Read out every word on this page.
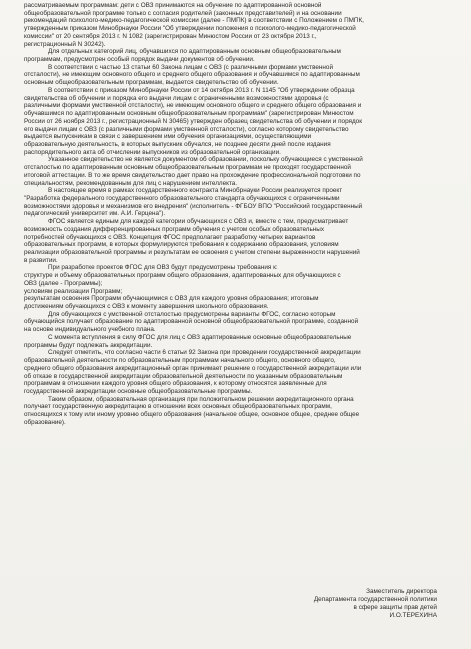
рассматриваемым программам: дети с ОВЗ принимаются на обучение по адаптированной основной
общеобразовательной программе только с согласия родителей (законных представителей) и на основании
рекомендаций психолого-медико-педагогической комиссии (далее - ПМПК) в соответствии с Положением о ПМПК,
утвержденным приказом Минобрнауки России "Об утверждении положения о психолого-медико-педагогической
комиссии" от 20 сентября 2013 г. N 1082 (зарегистрирован Минюстом России от 23 октября 2013 г.,
регистрационный N 30242).
Для отдельных категорий лиц, обучавшихся по адаптированным основным общеобразовательным
программам, предусмотрен особый порядок выдачи документов об обучении.
В соответствии с частью 13 статьи 60 Закона лицам с ОВЗ (с различными формами умственной
отсталости), не имеющим основного общего и среднего общего образования и обучавшимся по адаптированным
основным общеобразовательным программам, выдается свидетельство об обучении.
В соответствии с приказом Минобрнауки России от 14 октября 2013 г. N 1145 "Об утверждении образца
свидетельства об обучении и порядка его выдачи лицам с ограниченными возможностями здоровья (с
различными формами умственной отсталости), не имеющим основного общего и среднего общего образования и
обучавшимся по адаптированным основным общеобразовательным программам" (зарегистрирован Минюстом
России от 26 ноября 2013 г., регистрационный N 30465) утвержден образец свидетельства об обучении и порядок
его выдачи лицам с ОВЗ (с различными формами умственной отсталости), согласно которому свидетельство
выдается выпускникам в связи с завершением ими обучения организациями, осуществляющими
образовательную деятельность, в которых выпускник обучался, не позднее десяти дней после издания
распорядительного акта об отчислении выпускников из образовательной организации.
Указанное свидетельство не является документом об образовании, поскольку обучающиеся с умственной
отсталостью по адаптированным основным общеобразовательным программам не проходят государственной
итоговой аттестации. В то же время свидетельство дает право на прохождение профессиональной подготовки по
специальностям, рекомендованным для лиц с нарушением интеллекта.
В настоящее время в рамках государственного контракта Минобрнауки России реализуется проект
"Разработка федерального государственного образовательного стандарта обучающихся с ограниченными
возможностями здоровья и механизмов его внедрения" (исполнитель - ФГБОУ ВПО "Российский государственный
педагогический университет им. А.И. Герцена").
ФГОС является единым для каждой категории обучающихся с ОВЗ и, вместе с тем, предусматривает
возможность создания дифференцированных программ обучения с учетом особых образовательных
потребностей обучающихся с ОВЗ. Концепция ФГОС предполагает разработку четырех вариантов
образовательных программ, в которых формулируются требования к содержанию образования, условиям
реализации образовательной программы и результатам ее освоения с учетом степени выраженности нарушений
в развитии.
При разработке проектов ФГОС для ОВЗ будут предусмотрены требования к:
структуре и объему образовательных программ общего образования, адаптированных для обучающихся с
ОВЗ (далее - Программы);
условиям реализации Программ;
результатам освоения Программ обучающимися с ОВЗ для каждого уровня образования; итоговым
достижениям обучающихся с ОВЗ к моменту завершения школьного образования.
Для обучающихся с умственной отсталостью предусмотрены варианты ФГОС, согласно которым
обучающийся получает образование по адаптированной основной общеобразовательной программе, созданной
на основе индивидуального учебного плана.
С момента вступления в силу ФГОС для лиц с ОВЗ адаптированные основные общеобразовательные
программы будут подлежать аккредитации.
Следует отметить, что согласно части 6 статьи 92 Закона при проведении государственной аккредитации
образовательной деятельности по образовательным программам начального общего, основного общего,
среднего общего образования аккредитационный орган принимает решение о государственной аккредитации или
об отказе в государственной аккредитации образовательной деятельности по указанным образовательным
программам в отношении каждого уровня общего образования, к которому относятся заявленные для
государственной аккредитации основные общеобразовательные программы.
Таким образом, образовательная организация при положительном решении аккредитационного органа
получает государственную аккредитацию в отношении всех основных общеобразовательных программ,
относящихся к тому или иному уровню общего образования (начальное общее, основное общее, среднее общее
образование).
Заместитель директора
Департамента государственной политики
в сфере защиты прав детей
И.О.ТЕРЕХИНА
